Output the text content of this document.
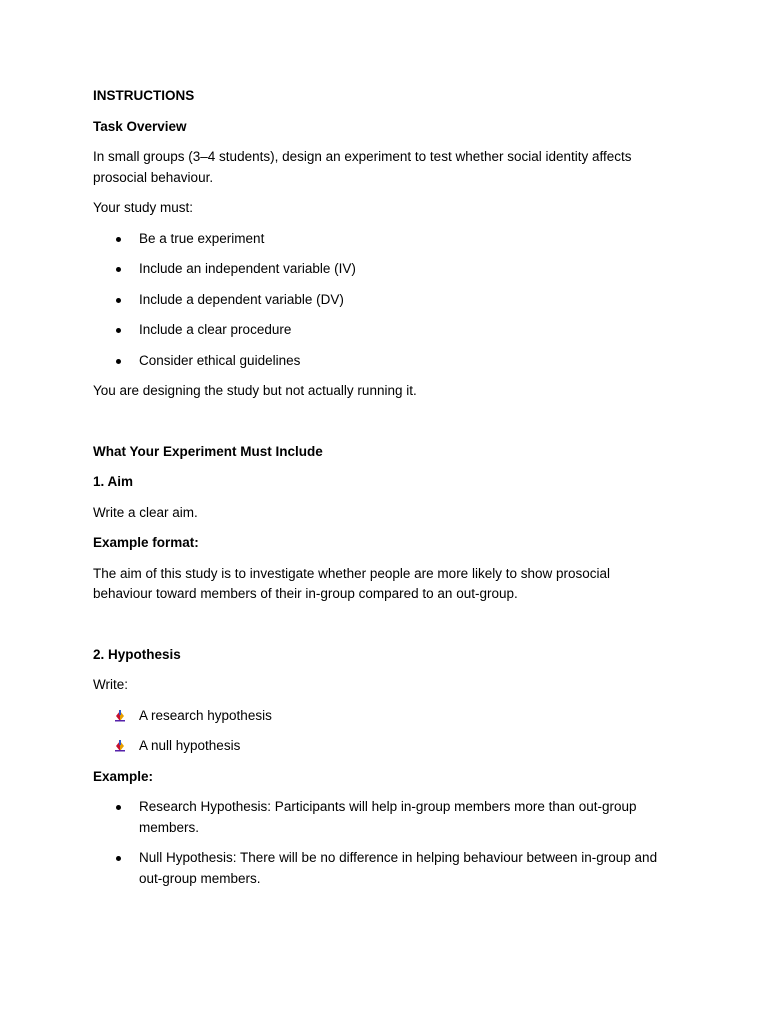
INSTRUCTIONS

Task Overview

In small groups (3–4 students), design an experiment to test whether social identity affects prosocial behaviour.

Your study must:

Be a true experiment
Include an independent variable (IV)
Include a dependent variable (DV)
Include a clear procedure
Consider ethical guidelines

You are designing the study but not actually running it.

What Your Experiment Must Include

1. Aim

Write a clear aim.

Example format:

The aim of this study is to investigate whether people are more likely to show prosocial behaviour toward members of their in-group compared to an out-group.

2. Hypothesis

Write:

A research hypothesis
A null hypothesis

Example:

Research Hypothesis: Participants will help in-group members more than out-group members.
Null Hypothesis: There will be no difference in helping behaviour between in-group and out-group members.
